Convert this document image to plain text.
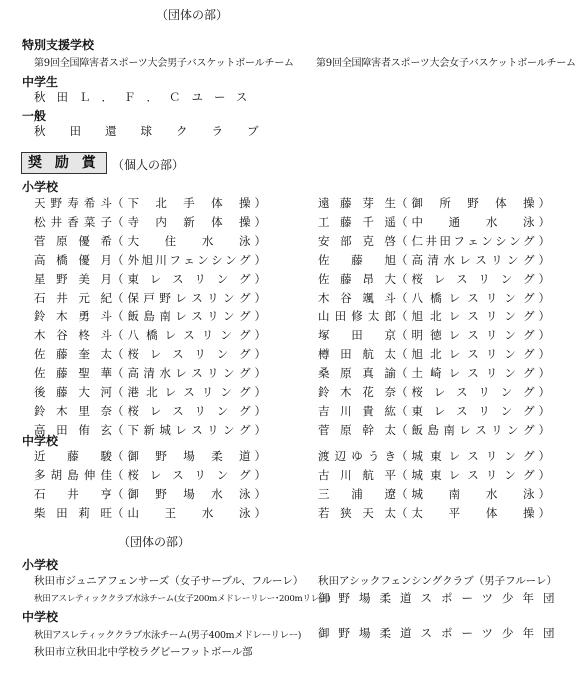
（団体の部）
特別支援学校
第9回全国障害者スポーツ大会男子バスケットボールチーム 第9回全国障害者スポーツ大会女子バスケットボールチーム
中学生
秋田Ｌ．Ｆ．Ｃユース
一般
秋田還球クラブ
奨 励 賞	（個人の部）
小学校
天 野 寿 希 斗 （ 下 北 手 体 操 ）
松 井 香 菜 子 （ 寺 内 新 体 操 ）
菅 原 優 希 （ 大 住 水 泳 ）
高 橋 優 月 （ 外 旭 川 フ ェ ン シ ン グ ）
星 野 美 月 （ 東 レ ス リ ン グ ）
石 井 元 紀 （ 保 戸 野 レ ス リ ン グ ）
鈴 木 勇 斗 （ 飯 島 南 レ ス リ ン グ ）
木 谷 柊 斗 （ 八 橋 レ ス リ ン グ ）
佐 藤 奎 太 （ 桜 レ ス リ ン グ ）
佐 藤 聖 華 （ 高 清 水 レ ス リ ン グ ）
後 藤 大 河 （ 港 北 レ ス リ ン グ ）
鈴 木 里 奈 （ 桜 レ ス リ ン グ ）
高 田 侑 玄 （ 下 新 城 レ ス リ ン グ ）
遠 藤 芽 生 （ 御 所 野 体 操 ）
工 藤 千 遥 （ 中 通 水 泳 ）
安 部 克 啓 （ 仁 井 田 フ ェ ン シ ン グ ）
佐 藤 旭 （ 高 清 水 レ ス リ ン グ ）
佐 藤 昂 大 （ 桜 レ ス リ ン グ ）
木 谷 颯 斗 （ 八 橋 レ ス リ ン グ ）
山 田 修 太 郎 （ 旭 北 レ ス リ ン グ ）
塚 田 京 （ 明 徳 レ ス リ ン グ ）
樽 田 航 太 （ 旭 北 レ ス リ ン グ ）
桑 原 真 諭 （ 土 崎 レ ス リ ン グ ）
鈴 木 花 奈 （ 桜 レ ス リ ン グ ）
吉 川 貴 紘 （ 東 レ ス リ ン グ ）
菅 原 幹 太 （ 飯 島 南 レ ス リ ン グ ）
中学校
近 藤 駿 （ 御 野 場 柔 道 ）
多 胡 島 伸 佳 （ 桜 レ ス リ ン グ ）
石 井 亨 （ 御 野 場 水 泳 ）
柴 田 莉 旺 （ 山 王 水 泳 ）
渡 辺 ゆ う き （ 城 東 レ ス リ ン グ ）
古 川 航 平 （ 城 東 レ ス リ ン グ ）
三 浦 遼 （ 城 南 水 泳 ）
若 狭 天 太 （ 太 平 体 操 ）
（団体の部）
小学校
秋田市ジュニアフェンサーズ（女子サーブル、フルーレ） 秋田アシックフェンシングクラブ（男子フルーレ）
秋田アスレティッククラブ水泳チーム(女子200mメドレーリレー･200mリレー)
御野場柔道スポーツ少年団
中学校
秋田アスレティッククラブ水泳チーム(男子400mメドレーリレー) 御野場柔道スポーツ少年団
秋田市立秋田北中学校ラグビーフットボール部
